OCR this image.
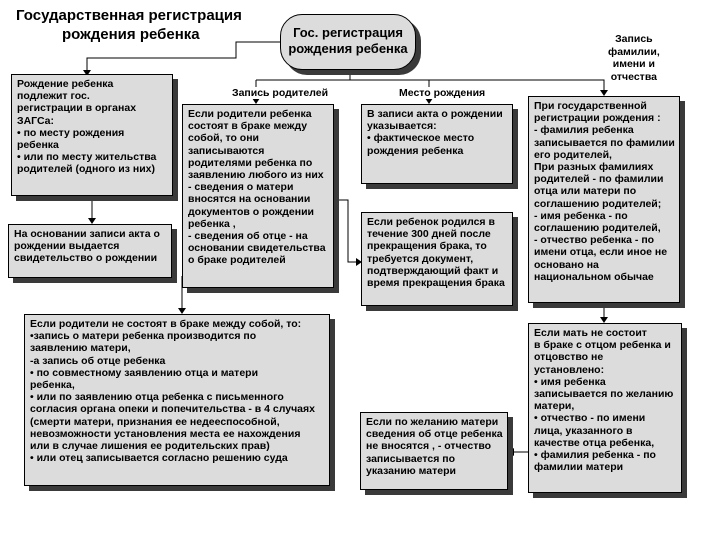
Государственная регистрация
рождения ребенка	Гос. регистрация
рождения ребенка
Запись родителей	Место рождения
Запись
фамилии,
имени и
отчества
Рождение ребенка
подлежит гос.
регистрации в органах
ЗАГСа:
• по месту рождения
ребенка
• или по месту жительства
родителей (одного из них)
На основании записи акта о
рождении выдается
свидетельство о рождении
Если родители ребенка
состоят в браке между
собой, то они
записываются
родителями ребенка по
заявлению любого из них
- сведения о матери
вносятся на основании
документов о рождении
ребенка ,
- сведения об отце - на
основании свидетельства
о браке родителей
В записи акта о рождении
указывается:
• фактическое место
рождения ребенка
Если ребенок родился в
течение 300 дней после
прекращения брака, то
требуется документ,
подтверждающий факт и
время прекращения брака
При государственной
регистрации рождения :
- фамилия ребенка
записывается по фамилии
его родителей,
При разных фамилиях
родителей - по фамилии
отца или матери по
соглашению родителей;
- имя ребенка - по
соглашению родителей,
- отчество ребенка - по
имени отца, если иное не
основано на
национальном обычае
Если родители не состоят в браке между собой, то:
•запись о матери ребенка производится по
заявлению матери,
-а запись об отце ребенка
• по совместному заявлению отца и матери
ребенка,
• или по заявлению отца ребенка с письменного
согласия органа опеки и попечительства - в 4 случаях
(смерти матери, признания ее недееспособной,
невозможности установления места ее нахождения
или в случае лишения ее родительских прав)
• или отец записывается согласно решению суда
Если по желанию матери
сведения об отце ребенка
не вносятся , - отчество
записывается по
указанию матери
Если мать не состоит
в браке с отцом ребенка и
отцовство не
установлено:
• имя ребенка
записывается по желанию
матери,
• отчество - по имени
лица, указанного в
качестве отца ребенка,
• фамилия ребенка - по
фамилии матери
